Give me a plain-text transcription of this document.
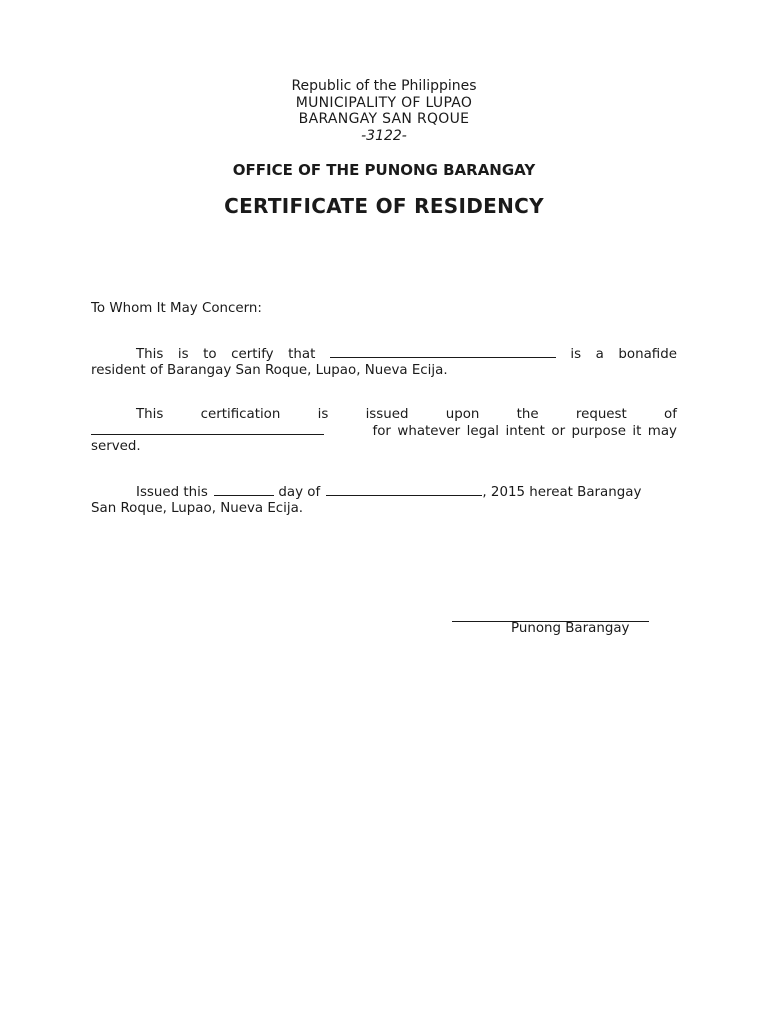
Republic of the Philippines
MUNICIPALITY OF LUPAO
BARANGAY SAN RQOUE
-3122-
OFFICE OF THE PUNONG BARANGAY
CERTIFICATE OF RESIDENCY
To Whom It May Concern:
This is to certify that	is a bonafide
resident of Barangay San Roque, Lupao, Nueva Ecija.
This	certification	is	issued	upon	the	request	of
for whatever legal intent or purpose it may
served.
Issued this	day of	, 2015 hereat Barangay
San Roque, Lupao, Nueva Ecija.
Punong Barangay
